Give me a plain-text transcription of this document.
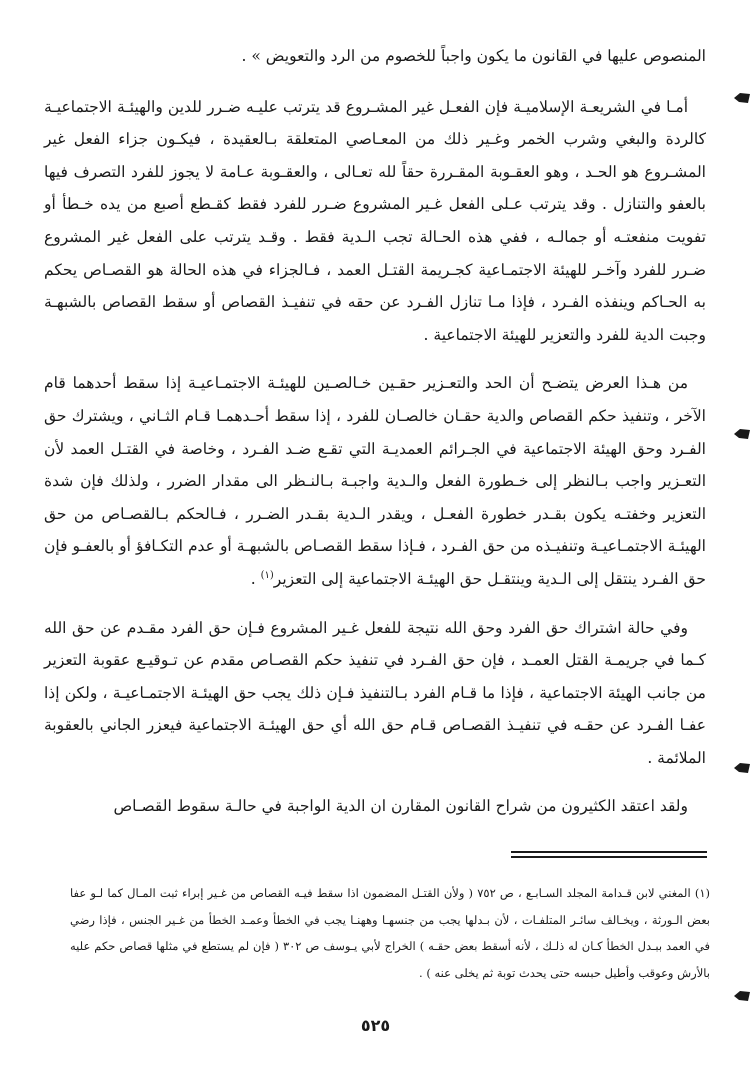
المنصوص عليها في القانون ما يكون واجباً للخصوم من الرد والتعويض » .

أمـا في الشريعـة الإسلاميـة فإن الفعـل غير المشـروع قد يترتب عليـه ضـرر للدين والهيئـة الاجتماعيـة كالردة والبغي وشرب الخمر وغـير ذلك من المعـاصي المتعلقة بـالعقيدة ، فيكـون جزاء الفعل غير المشـروع هو الحـد ، وهو العقـوبة المقـررة حقاً لله تعـالى ، والعقـوبة عـامة لا يجوز للفرد التصرف فيها بالعفو والتنازل . وقد يترتب عـلى الفعل غـير المشروع ضـرر للفرد فقط كقـطع أصبع من يده خـطأ أو تفويت منفعتـه أو جمالـه ، ففي هذه الحـالة تجب الـدية فقط . وقـد يترتب على الفعل غير المشروع ضـرر للفرد وآخـر للهيئة الاجتمـاعية كجـريمة القتـل العمد ، فـالجزاء في هذه الحالة هو القصـاص يحكم به الحـاكم وينفذه الفـرد ، فإذا مـا تنازل الفـرد عن حقه في تنفيـذ القصاص أو سقط القصاص بالشبهـة وجبت الدية للفرد والتعزير للهيئة الاجتماعية .

من هـذا العرض يتضـح أن الحد والتعـزير حقـين خـالصـين للهيئـة الاجتمـاعيـة إذا سقط أحدهما قام الآخر ، وتنفيذ حكم القصاص والدية حقـان خالصـان للفرد ، إذا سقط أحـدهمـا قـام الثـاني ، ويشترك حق الفـرد وحق الهيئة الاجتماعية في الجـرائم العمديـة التي تقـع ضـد الفـرد ، وخاصة في القتـل العمد لأن التعـزير واجب بـالنظر إلى خـطورة الفعل والـدية واجبـة بـالنـظر الى مقدار الضرر ، ولذلك فإن شدة التعزير وخفتـه يكون بقـدر خطورة الفعـل ، ويقدر الـدية بقـدر الضـرر ، فـالحكم بـالقصـاص من حق الهيئـة الاجتمـاعيـة وتنفيـذه من حق الفـرد ، فـإذا سقط القصـاص بالشبهـة أو عدم التكـافؤ أو بالعفـو فإن حق الفـرد ينتقل إلى الـدية وينتقـل حق الهيئـة الاجتماعية إلى التعزير$^{(١)}$ .

وفي حالة اشتراك حق الفرد وحق الله نتيجة للفعل غـير المشروع فـإن حق الفرد مقـدم عن حق الله كـما في جريمـة القتل العمـد ، فإن حق الفـرد في تنفيذ حكم القصـاص مقدم عن تـوقيـع عقوبة التعزير من جانب الهيئة الاجتماعية ، فإذا ما قـام الفرد بـالتنفيذ فـإن ذلك يجب حق الهيئـة الاجتمـاعيـة ، ولكن إذا عفـا الفـرد عن حقـه في تنفيـذ القصـاص قـام حق الله أي حق الهيئـة الاجتماعية فيعزر الجاني بالعقوبة الملائمة .

ولقد اعتقد الكثيرون من شراح القانون المقارن ان الدية الواجبة في حالـة سقوط القصـاص

(١) المغني لابن قـدامة المجلد السـابـع ، ص ٧٥٢ ( ولأن القتـل المضمون اذا سقط فيـه القصاص من غـير إبراء ثبت المـال كما لـو عفا بعض الـورثة ، ويخـالف سائـر المتلفـات ، لأن بـدلها يجب من جنسهـا وههنـا يجب في الخطأ وعمـد الخطأ من غـير الجنس ، فإذا رضي في العمد ببـدل الخطأ كـان له ذلـك ، لأنه أسقط بعض حقـه ) الخراج لأبي يـوسف ص ٣٠٢ ( فإن لم يستطع في مثلها قصاص حكم عليه بالأرش وعوقب وأطيل حبسه حتى يحدث توبة ثم يخلى عنه ) .

٥٢٥
